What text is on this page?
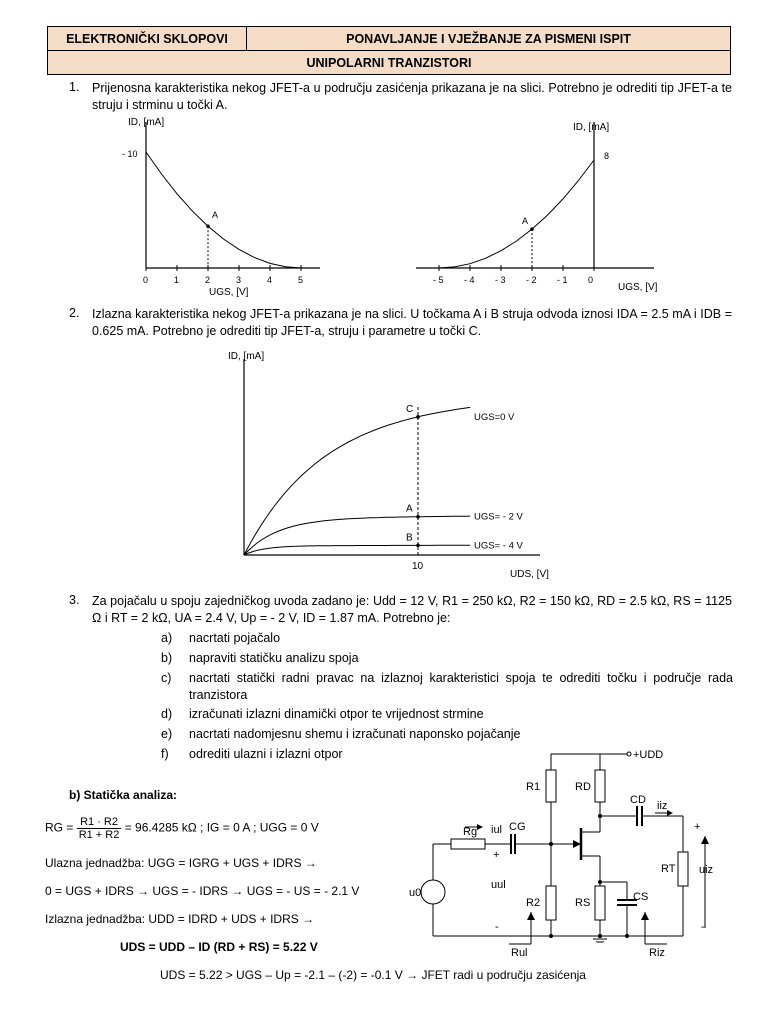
ELEKTRONIČKI SKLOPOVI	PONAVLJANJE I VJEŽBANJE ZA PISMENI ISPIT
UNIPOLARNI TRANZISTORI
1. Prijenosna karakteristika nekog JFET-a u području zasićenja prikazana je na slici. Potrebno je odrediti tip JFET-a te struju i strminu u točki A.
ID, [mA]
- 10
UGS, [V]
0	1	2	3	4	5
A
ID, [mA]
8
UGS, [V]
- 5 - 4 - 3 - 2 - 1 0
A
2. Izlazna karakteristika nekog JFET-a prikazana je na slici. U točkama A i B struja odvoda iznosi IDA = 2.5 mA i IDB = 0.625 mA. Potrebno je odrediti tip JFET-a, struju i parametre u točki C.
C
UGS=0 V
A
UGS= - 2 V
B
UGS= - 4 V
ID, [mA]
10
UDS, [V]
3. Za pojačalu u spoju zajedničkog uvoda zadano je: Udd = 12 V, R1 = 250 kΩ, R2 = 150 kΩ, RD = 2.5 kΩ, RS = 1125 Ω i RT = 2 kΩ, UA = 2.4 V, Up = - 2 V, ID = 1.87 mA. Potrebno je:
a) nacrtati pojačalo
b) napraviti statičku analizu spoja
c) nacrtati statički radni pravac na izlaznoj karakteristici spoja te odrediti točku i područje rada tranzistora
d) izračunati izlazni dinamički otpor te vrijednost strmine
e) nacrtati nadomjesnu shemu i izračunati naponsko pojačanje
f) odrediti ulazni i izlazni otpor
b) Statička analiza:
RG = $\frac{R1 \cdot R2}{R1 + R2} = 96.4285$ kΩ ; IG = 0 A ; UGG = 0 V
Ulazna jednadžba: UGG = IGRG + UGS + IDRS →
0 = UGS + IDRS → UGS = - IDRS → UGS = - US = - 2.1 V
Izlazna jednadžba: UDD = IDRD + UDS + IDRS →
UDS = UDD – ID (RD + RS) = 5.22 V
UDS = 5.22 > UGS – Up = -2.1 – (-2) = -0.1 V → JFET radi u području zasićenja
+UDD
R1	RD
CD iiz
Rg iul CG
+
u0
uul
R2	RS	CS
RT uiz
+
-	-
Rul	Riz
